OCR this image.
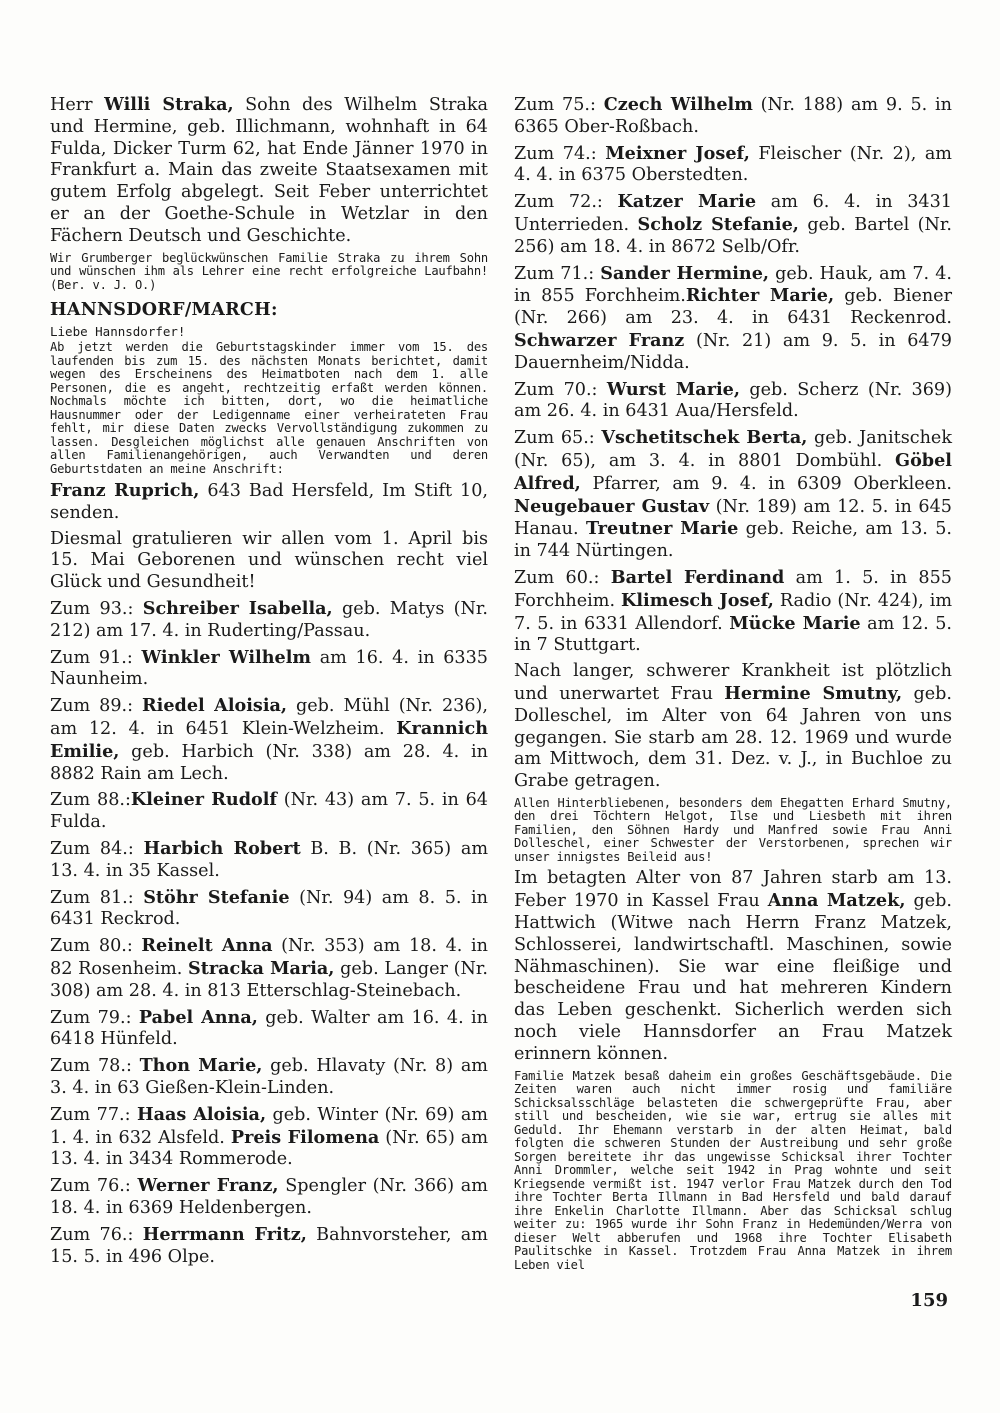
Herr Willi Straka, Sohn des Wilhelm Straka und Hermine, geb. Illichmann, wohnhaft in 64 Fulda, Dicker Turm 62, hat Ende Jänner 1970 in Frankfurt a. Main das zweite Staatsexamen mit gutem Erfolg abgelegt. Seit Feber unterrichtet er an der Goethe-Schule in Wetzlar in den Fächern Deutsch und Geschichte.

Wir Grumberger beglückwünschen Familie Straka zu ihrem Sohn und wünschen ihm als Lehrer eine recht erfolgreiche Laufbahn! (Ber. v. J. O.)

HANNSDORF/MARCH:
Liebe Hannsdorfer!

Ab jetzt werden die Geburtstagskinder immer vom 15. des laufenden bis zum 15. des nächsten Monats berichtet, damit wegen des Erscheinens des Heimatboten nach dem 1. alle Personen, die es angeht, rechtzeitig erfaßt werden können. Nochmals möchte ich bitten, dort, wo die heimatliche Hausnummer oder der Ledigenname einer verheirateten Frau fehlt, mir diese Daten zwecks Vervollständigung zukommen zu lassen. Desgleichen möglichst alle genauen Anschriften von allen Familienangehörigen, auch Verwandten und deren Geburtstdaten an meine Anschrift:

Franz Ruprich, 643 Bad Hersfeld, Im Stift 10, senden.

Diesmal gratulieren wir allen vom 1. April bis 15. Mai Geborenen und wünschen recht viel Glück und Gesundheit!

Zum 93.: Schreiber Isabella, geb. Matys (Nr. 212) am 17. 4. in Ruderting/Passau.

Zum 91.: Winkler Wilhelm am 16. 4. in 6335 Naunheim.

Zum 89.: Riedel Aloisia, geb. Mühl (Nr. 236), am 12. 4. in 6451 Klein-Welzheim. Krannich Emilie, geb. Harbich (Nr. 338) am 28. 4. in 8882 Rain am Lech.

Zum 88.:Kleiner Rudolf (Nr. 43) am 7. 5. in 64 Fulda.

Zum 84.: Harbich Robert B. B. (Nr. 365) am 13. 4. in 35 Kassel.

Zum 81.: Stöhr Stefanie (Nr. 94) am 8. 5. in 6431 Reckrod.

Zum 80.: Reinelt Anna (Nr. 353) am 18. 4. in 82 Rosenheim. Stracka Maria, geb. Langer (Nr. 308) am 28. 4. in 813 Etterschlag-Steinebach.

Zum 79.: Pabel Anna, geb. Walter am 16. 4. in 6418 Hünfeld.

Zum 78.: Thon Marie, geb. Hlavaty (Nr. 8) am 3. 4. in 63 Gießen-Klein-Linden.

Zum 77.: Haas Aloisia, geb. Winter (Nr. 69) am 1. 4. in 632 Alsfeld. Preis Filomena (Nr. 65) am 13. 4. in 3434 Rommerode.

Zum 76.: Werner Franz, Spengler (Nr. 366) am 18. 4. in 6369 Heldenbergen.

Zum 76.: Herrmann Fritz, Bahnvorsteher, am 15. 5. in 496 Olpe.

Zum 75.: Czech Wilhelm (Nr. 188) am 9. 5. in 6365 Ober-Roßbach.

Zum 74.: Meixner Josef, Fleischer (Nr. 2), am 4. 4. in 6375 Oberstedten.

Zum 72.: Katzer Marie am 6. 4. in 3431 Unterrieden. Scholz Stefanie, geb. Bartel (Nr. 256) am 18. 4. in 8672 Selb/Ofr.

Zum 71.: Sander Hermine, geb. Hauk, am 7. 4. in 855 Forchheim.Richter Marie, geb. Biener (Nr. 266) am 23. 4. in 6431 Reckenrod. Schwarzer Franz (Nr. 21) am 9. 5. in 6479 Dauernheim/Nidda.

Zum 70.: Wurst Marie, geb. Scherz (Nr. 369) am 26. 4. in 6431 Aua/Hersfeld.

Zum 65.: Vschetitschek Berta, geb. Janitschek (Nr. 65), am 3. 4. in 8801 Dombühl. Göbel Alfred, Pfarrer, am 9. 4. in 6309 Oberkleen. Neugebauer Gustav (Nr. 189) am 12. 5. in 645 Hanau. Treutner Marie geb. Reiche, am 13. 5. in 744 Nürtingen.

Zum 60.: Bartel Ferdinand am 1. 5. in 855 Forchheim. Klimesch Josef, Radio (Nr. 424), im 7. 5. in 6331 Allendorf. Mücke Marie am 12. 5. in 7 Stuttgart.

Nach langer, schwerer Krankheit ist plötzlich und unerwartet Frau Hermine Smutny, geb. Dolleschel, im Alter von 64 Jahren von uns gegangen. Sie starb am 28. 12. 1969 und wurde am Mittwoch, dem 31. Dez. v. J., in Buchloe zu Grabe getragen.

Allen Hinterbliebenen, besonders dem Ehegatten Erhard Smutny, den drei Töchtern Helgot, Ilse und Liesbeth mit ihren Familien, den Söhnen Hardy und Manfred sowie Frau Anni Dolleschel, einer Schwester der Verstorbenen, sprechen wir unser innigstes Beileid aus!

Im betagten Alter von 87 Jahren starb am 13. Feber 1970 in Kassel Frau Anna Matzek, geb. Hattwich (Witwe nach Herrn Franz Matzek, Schlosserei, landwirtschaftl. Maschinen, sowie Nähmaschinen). Sie war eine fleißige und bescheidene Frau und hat mehreren Kindern das Leben geschenkt. Sicherlich werden sich noch viele Hannsdorfer an Frau Matzek erinnern können.

Familie Matzek besaß daheim ein großes Geschäftsgebäude. Die Zeiten waren auch nicht immer rosig und familiäre Schicksalsschläge belasteten die schwergeprüfte Frau, aber still und bescheiden, wie sie war, ertrug sie alles mit Geduld. Ihr Ehemann verstarb in der alten Heimat, bald folgten die schweren Stunden der Austreibung und sehr große Sorgen bereitete ihr das ungewisse Schicksal ihrer Tochter Anni Drommler, welche seit 1942 in Prag wohnte und seit Kriegsende vermißt ist. 1947 verlor Frau Matzek durch den Tod ihre Tochter Berta Illmann in Bad Hersfeld und bald darauf ihre Enkelin Charlotte Illmann. Aber das Schicksal schlug weiter zu: 1965 wurde ihr Sohn Franz in Hedemünden/Werra von dieser Welt abberufen und 1968 ihre Tochter Elisabeth Paulitschke in Kassel. Trotzdem Frau Anna Matzek in ihrem Leben viel

159
